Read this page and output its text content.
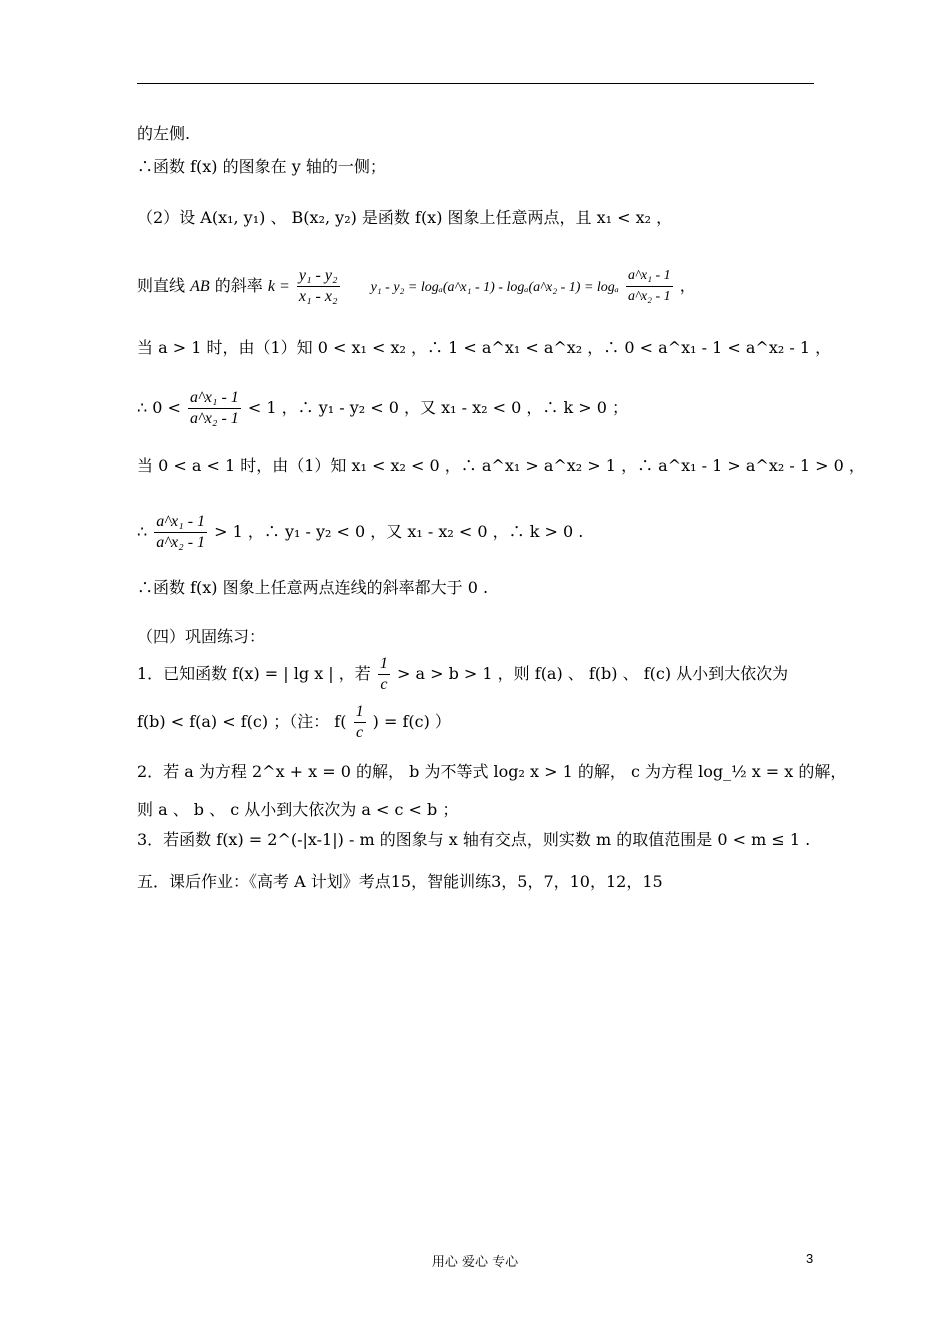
的左侧.
∴函数 f(x) 的图象在 y 轴的一侧；
（2）设 A(x₁, y₁) 、 B(x₂, y₂) 是函数 f(x) 图象上任意两点，且 x₁ < x₂ ，
则直线 AB 的斜率 $k = \frac{\text{y₁ - y₂}}{\text{x₁ - x₂}} y_1 - y_2$ = logₐ(a^x₁ - 1) - logₐ(a^x₂ - 1) = logₐ $\frac{\text{a\textasciicircum{}x₁ - 1}}{\text{a\textasciicircum{}x₂ - 1}}$ ，
当 a > 1 时，由（1）知 0 < x₁ < x₂ ，∴ 1 < a^x₁ < a^x₂ ，∴ 0 < a^x₁ - 1 < a^x₂ - 1 ，
∴ $0 < \frac{\text{a\textasciicircum{}x₁ - 1}}{\text{a\textasciicircum{}x₂ - 1}} < 1$ ，∴ y₁ - y₂ < 0 ，又 x₁ - x₂ < 0 ，∴ k > 0 ；
当 0 < a < 1 时，由（1）知 x₁ < x₂ < 0 ，∴ a^x₁ > a^x₂ > 1 ，∴ a^x₁ - 1 > a^x₂ - 1 > 0 ，
∴ $\frac{\text{a\textasciicircum{}x₁ - 1}}{\text{a\textasciicircum{}x₂ - 1}} > 1$ ，∴ y₁ - y₂ < 0 ，又 x₁ - x₂ < 0 ，∴ k > 0 .
∴函数 f(x) 图象上任意两点连线的斜率都大于 0 .
（四）巩固练习：
1．已知函数 f(x) = | lg x | ，若 $\frac{1}{c} > a > b > 1$ ，则 f(a) 、 f(b) 、 f(c) 从小到大依次为
f(b) < f(a) < f(c) ；（注： $f( \frac{1}{c}$ ) = f(c) ）
2．若 a 为方程 2^x + x = 0 的解， b 为不等式 log₂ x > 1 的解， c 为方程 log_½ x = x 的解，
则 a 、 b 、 c 从小到大依次为 a < c < b ；
3．若函数 f(x) = 2^(-|x-1|) - m 的图象与 x 轴有交点，则实数 m 的取值范围是 0 < m ≤ 1 .
五．课后作业：《高考 A 计划》考点15，智能训练3，5，7，10，12，15
用心 爱心 专心	3
